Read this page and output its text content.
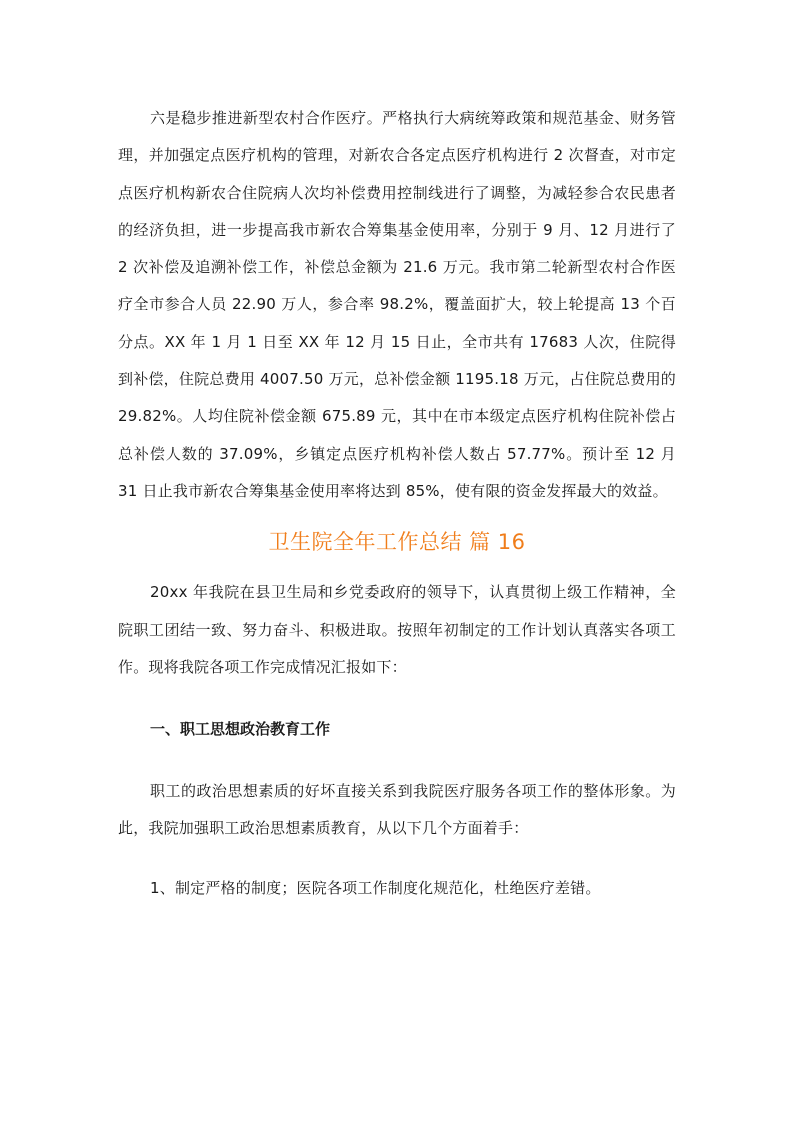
六是稳步推进新型农村合作医疗。严格执行大病统筹政策和规范基金、财务管理，并加强定点医疗机构的管理，对新农合各定点医疗机构进行 2 次督查，对市定点医疗机构新农合住院病人次均补偿费用控制线进行了调整，为减轻参合农民患者的经济负担，进一步提高我市新农合筹集基金使用率，分别于 9 月、12 月进行了 2 次补偿及追溯补偿工作，补偿总金额为 21.6 万元。我市第二轮新型农村合作医疗全市参合人员 22.90 万人，参合率 98.2%，覆盖面扩大，较上轮提高 13 个百分点。XX 年 1 月 1 日至 XX 年 12 月 15 日止，全市共有 17683 人次，住院得到补偿，住院总费用 4007.50 万元，总补偿金额 1195.18 万元，占住院总费用的 29.82%。人均住院补偿金额 675.89 元，其中在市本级定点医疗机构住院补偿占总补偿人数的 37.09%，乡镇定点医疗机构补偿人数占 57.77%。预计至 12 月 31 日止我市新农合筹集基金使用率将达到 85%，使有限的资金发挥最大的效益。

卫生院全年工作总结 篇 16

20xx 年我院在县卫生局和乡党委政府的领导下，认真贯彻上级工作精神，全院职工团结一致、努力奋斗、积极进取。按照年初制定的工作计划认真落实各项工作。现将我院各项工作完成情况汇报如下：

一、职工思想政治教育工作

职工的政治思想素质的好坏直接关系到我院医疗服务各项工作的整体形象。为此，我院加强职工政治思想素质教育，从以下几个方面着手：

1、制定严格的制度；医院各项工作制度化规范化，杜绝医疗差错。
